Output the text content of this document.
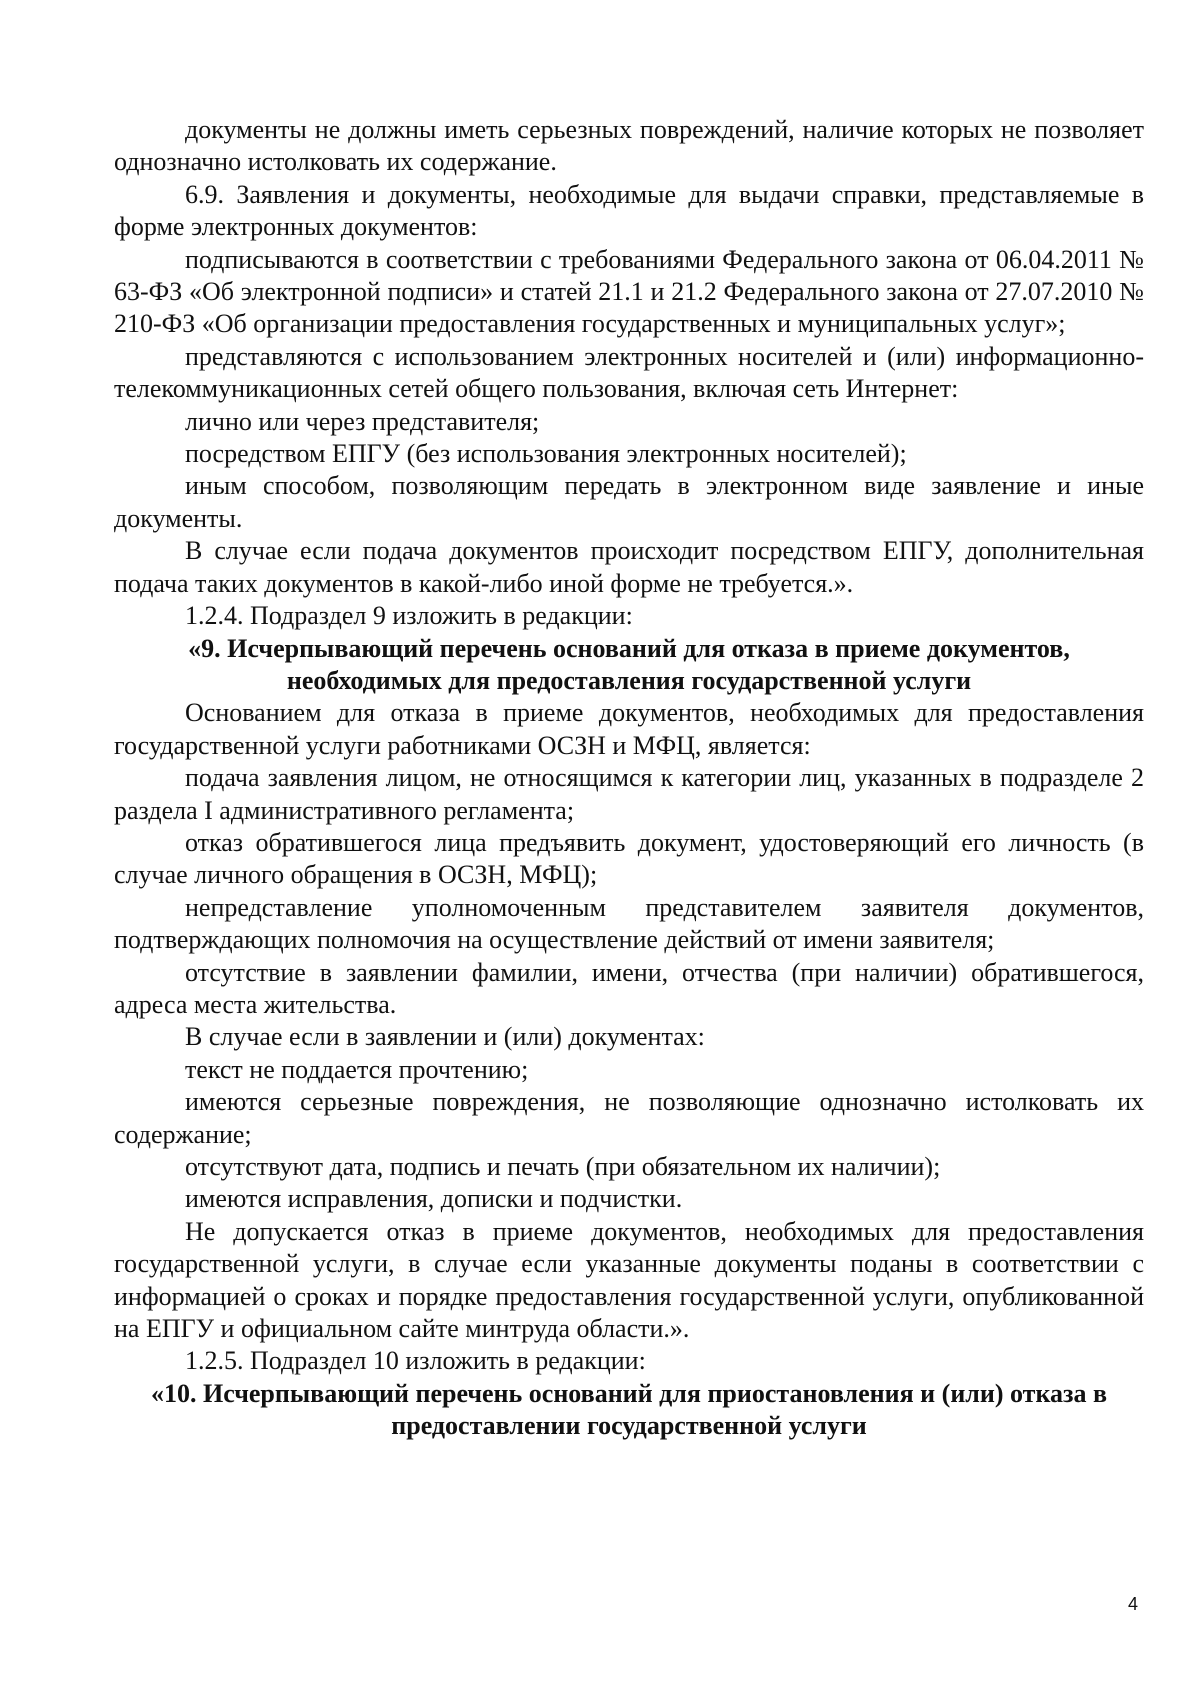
документы не должны иметь серьезных повреждений, наличие которых не позволяет однозначно истолковать их содержание.

6.9. Заявления и документы, необходимые для выдачи справки, представляемые в форме электронных документов:

подписываются в соответствии с требованиями Федерального закона от 06.04.2011 № 63-ФЗ «Об электронной подписи» и статей 21.1 и 21.2 Федерального закона от 27.07.2010 № 210-ФЗ «Об организации предоставления государственных и муниципальных услуг»;

представляются с использованием электронных носителей и (или) информационно-телекоммуникационных сетей общего пользования, включая сеть Интернет:

лично или через представителя;

посредством ЕПГУ (без использования электронных носителей);

иным способом, позволяющим передать в электронном виде заявление и иные документы.

В случае если подача документов происходит посредством ЕПГУ, дополнительная подача таких документов в какой-либо иной форме не требуется.».

1.2.4. Подраздел 9 изложить в редакции:

«9. Исчерпывающий перечень оснований для отказа в приеме документов, необходимых для предоставления государственной услуги

Основанием для отказа в приеме документов, необходимых для предоставления государственной услуги работниками ОСЗН и МФЦ, является:

подача заявления лицом, не относящимся к категории лиц, указанных в подразделе 2 раздела I административного регламента;

отказ обратившегося лица предъявить документ, удостоверяющий его личность (в случае личного обращения в ОСЗН, МФЦ);

непредставление уполномоченным представителем заявителя документов, подтверждающих полномочия на осуществление действий от имени заявителя;

отсутствие в заявлении фамилии, имени, отчества (при наличии) обратившегося, адреса места жительства.

В случае если в заявлении и (или) документах:

текст не поддается прочтению;

имеются серьезные повреждения, не позволяющие однозначно истолковать их содержание;

отсутствуют дата, подпись и печать (при обязательном их наличии);

имеются исправления, дописки и подчистки.

Не допускается отказ в приеме документов, необходимых для предоставления государственной услуги, в случае если указанные документы поданы в соответствии с информацией о сроках и порядке предоставления государственной услуги, опубликованной на ЕПГУ и официальном сайте минтруда области.».

1.2.5. Подраздел 10 изложить в редакции:

«10. Исчерпывающий перечень оснований для приостановления и (или) отказа в предоставлении государственной услуги

4
